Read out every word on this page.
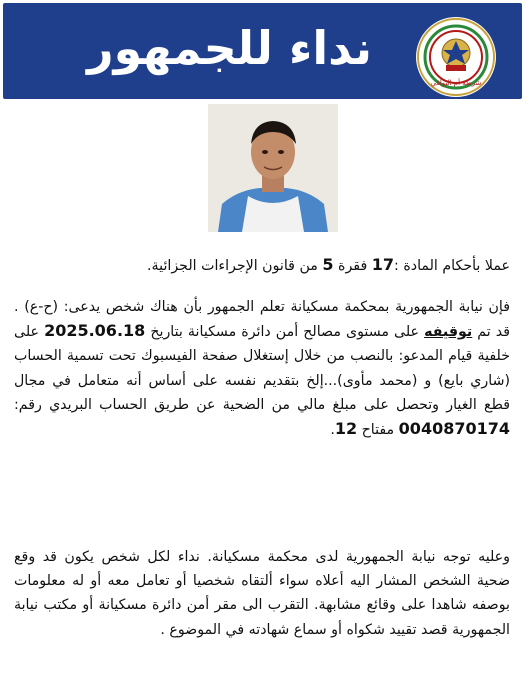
نداء للجمهور
شرطة أم البواقي
عملا بأحكام المادة :17 فقرة 5 من قانون الإجراءات الجزائية.
فإن نيابة الجمهورية بمحكمة مسكيانة تعلم الجمهور بأن هناك شخص يدعى: (ح-ع) . قد تم توقيفه على مستوى مصالح أمن دائرة مسكيانة بتاريخ 2025.06.18 على خلفية قيام المدعو: بالنصب من خلال إستغلال صفحة الفيسبوك تحت تسمية الحساب (شاري بايع) و (محمد مأوى)...إلخ بتقديم نفسه على أساس أنه متعامل في مجال قطع الغيار وتحصل على مبلغ مالي من الضحية عن طريق الحساب البريدي رقم: 0040870174 مفتاح 12.
وعليه توجه نيابة الجمهورية لدى محكمة مسكيانة. نداء لكل شخص يكون قد وقع ضحية الشخص المشار اليه أعلاه سواء ألتقاه شخصيا أو تعامل معه أو له معلومات بوصفه شاهدا على وقائع مشابهة. التقرب الى مقر أمن دائرة مسكيانة أو مكتب نيابة الجمهورية قصد تقييد شكواه أو سماع شهادته في الموضوع .
